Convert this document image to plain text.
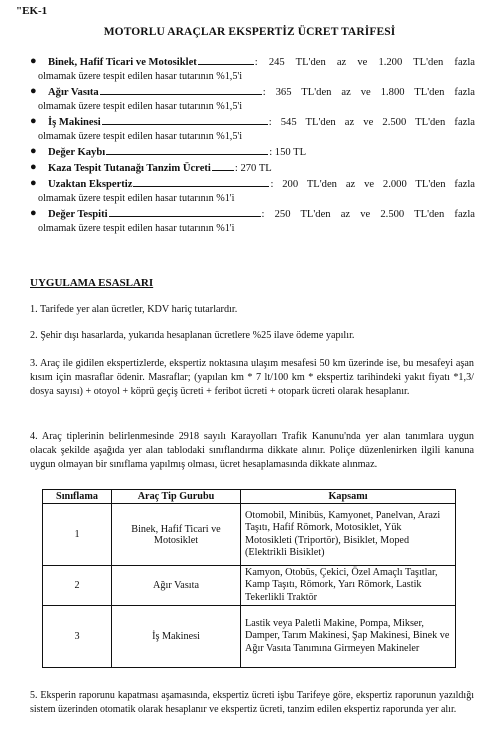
"EK-1
MOTORLU ARAÇLAR EKSPERTİZ ÜCRET TARİFESİ
● Binek, Hafif Ticari ve Motosiklet	: 245 TL'den az ve 1.200 TL'den fazla
olmamak üzere tespit edilen hasar tutarının %1,5'i
● Ağır Vasıta	: 365 TL'den az ve 1.800 TL'den fazla
olmamak üzere tespit edilen hasar tutarının %1,5'i
● İş Makinesi	: 545 TL'den az ve 2.500 TL'den fazla
olmamak üzere tespit edilen hasar tutarının %1,5'i
● Değer Kaybı	: 150 TL
● Kaza Tespit Tutanağı Tanzim Ücreti : 270 TL
● Uzaktan Ekspertiz	: 200 TL'den az ve 2.000 TL'den fazla
olmamak üzere tespit edilen hasar tutarının %1'i
● Değer Tespiti	: 250 TL'den az ve 2.500 TL'den fazla
olmamak üzere tespit edilen hasar tutarının %1'i
UYGULAMA ESASLARI
1. Tarifede yer alan ücretler, KDV hariç tutarlardır.
2. Şehir dışı hasarlarda, yukarıda hesaplanan ücretlere %25 ilave ödeme yapılır.
3. Araç ile gidilen ekspertizlerde, ekspertiz noktasına ulaşım mesafesi 50 km üzerinde ise, bu mesafeyi aşan kısım için masraflar ödenir. Masraflar; (yapılan km * 7 lt/100 km * ekspertiz tarihindeki yakıt fiyatı *1,3/ dosya sayısı) + otoyol + köprü geçiş ücreti + feribot ücreti + otopark ücreti olarak hesaplanır.
4. Araç tiplerinin belirlenmesinde 2918 sayılı Karayolları Trafik Kanunu'nda yer alan tanımlara uygun olacak şekilde aşağıda yer alan tablodaki sınıflandırma dikkate alınır. Poliçe düzenlenirken ilgili kanuna uygun olmayan bir sınıflama yapılmış olması, ücret hesaplamasında dikkate alınmaz.
Sınıflama	Araç Tip Gurubu	Kapsamı
1	Binek, Hafif Ticari ve Motosiklet	Otomobil, Minibüs, Kamyonet, Panelvan, Arazi Taşıtı, Hafif Römork, Motosiklet, Yük Motosikleti (Triportör), Bisiklet, Moped (Elektrikli Bisiklet)
2	Ağır Vasıta	Kamyon, Otobüs, Çekici, Özel Amaçlı Taşıtlar, Kamp Taşıtı, Römork, Yarı Römork, Lastik Tekerlikli Traktör
3	İş Makinesi	Lastik veya Paletli Makine, Pompa, Mikser, Damper, Tarım Makinesi, Şap Makinesi, Binek ve Ağır Vasıta Tanımına Girmeyen Makineler
5. Eksperin raporunu kapatması aşamasında, ekspertiz ücreti işbu Tarifeye göre, ekspertiz raporunun yazıldığı sistem üzerinden otomatik olarak hesaplanır ve ekspertiz ücreti, tanzim edilen ekspertiz raporunda yer alır.
